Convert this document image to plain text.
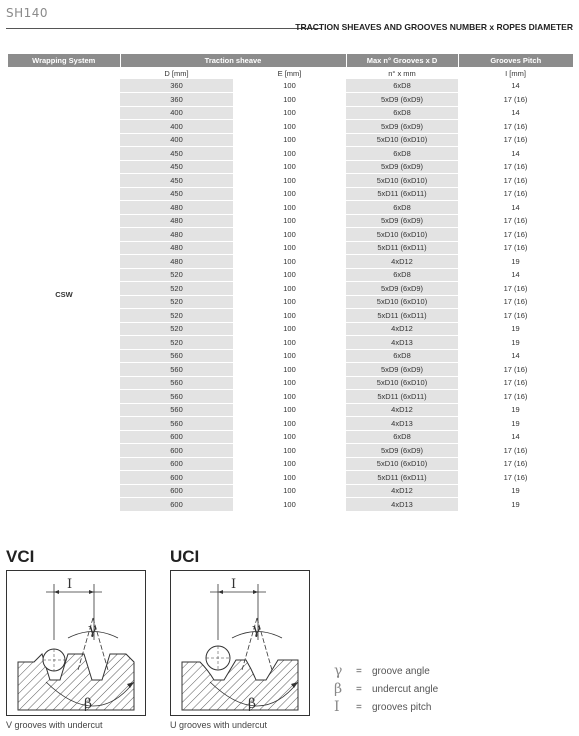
SH140
TRACTION SHEAVES AND GROOVES NUMBER x ROPES DIAMETER
Wrapping System	Traction sheave		Max n° Grooves x D	Grooves Pitch
	D [mm]	E [mm]	n° x mm	I [mm]
CSW	360	100	6xD8	14
	360	100	5xD9 (6xD9)	17 (16)
	400	100	6xD8	14
	400	100	5xD9 (6xD9)	17 (16)
	400	100	5xD10 (6xD10)	17 (16)
	450	100	6xD8	14
	450	100	5xD9 (6xD9)	17 (16)
	450	100	5xD10 (6xD10)	17 (16)
	450	100	5xD11 (6xD11)	17 (16)
	480	100	6xD8	14
	480	100	5xD9 (6xD9)	17 (16)
	480	100	5xD10 (6xD10)	17 (16)
	480	100	5xD11 (6xD11)	17 (16)
	480	100	4xD12	19
	520	100	6xD8	14
	520	100	5xD9 (6xD9)	17 (16)
	520	100	5xD10 (6xD10)	17 (16)
	520	100	5xD11 (6xD11)	17 (16)
	520	100	4xD12	19
	520	100	4xD13	19
	560	100	6xD8	14
	560	100	5xD9 (6xD9)	17 (16)
	560	100	5xD10 (6xD10)	17 (16)
	560	100	5xD11 (6xD11)	17 (16)
	560	100	4xD12	19
	560	100	4xD13	19
	600	100	6xD8	14
	600	100	5xD9 (6xD9)	17 (16)
	600	100	5xD10 (6xD10)	17 (16)
	600	100	5xD11 (6xD11)	17 (16)
	600	100	4xD12	19
	600	100	4xD13	19
VCI
I
γ
β
V grooves with undercut
UCI
I
γ
β
U grooves with undercut
γ	=	groove angle
β	=	undercut angle
I	=	grooves pitch
